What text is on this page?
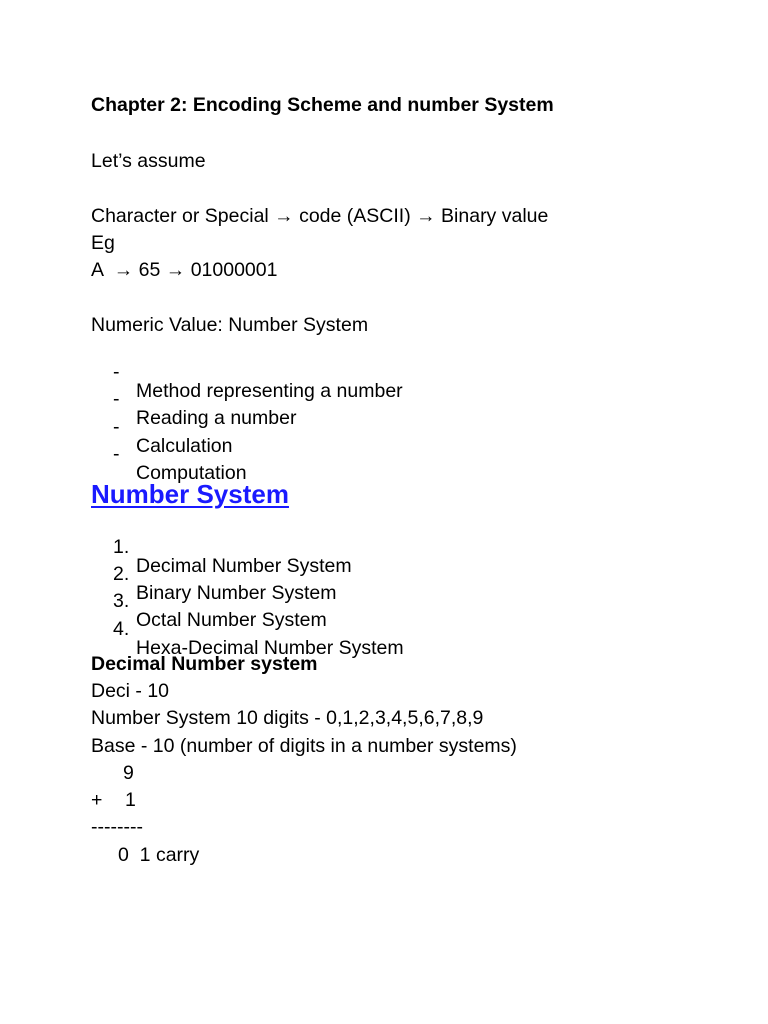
Chapter 2: Encoding Scheme and number System
Let’s assume
Character or Special → code (ASCII) → Binary value
Eg
A  → 65 → 01000001
Numeric Value: Number System

-

Method representing a number

-

Reading a number

-

Calculation

-

Computation

Number System

1.

Decimal Number System

2.

Binary Number System

3.

Octal Number System

4.

Hexa-Decimal Number System

Decimal Number system
Deci - 10
Number System 10 digits - 0,1,2,3,4,5,6,7,8,9
Base - 10 (number of digits in a number systems)
9
+ 1
--------
0  1 carry
